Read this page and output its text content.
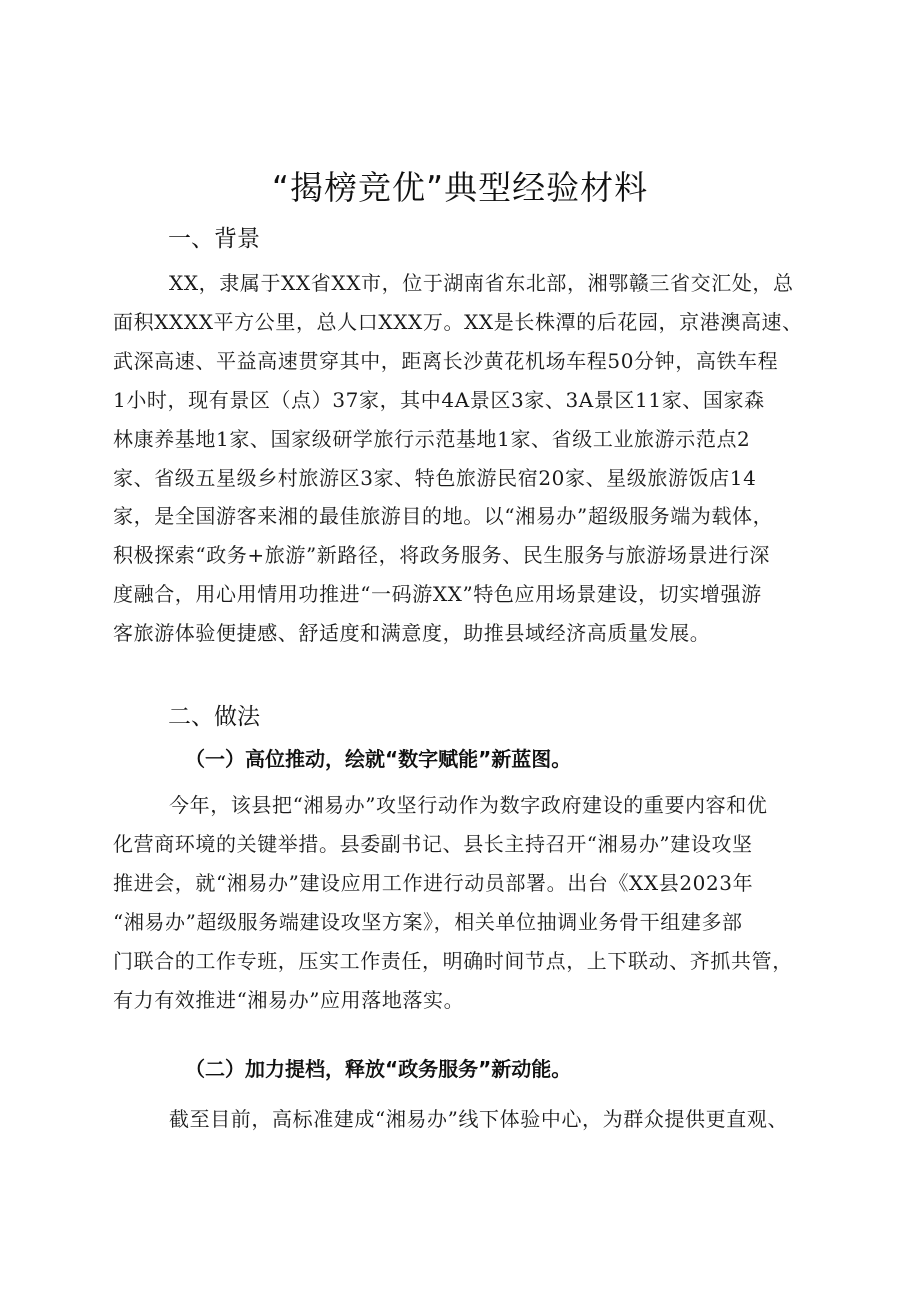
“揭榜竞优”典型经验材料
一、背景
XX，隶属于XX省XX市，位于湖南省东北部，湘鄂赣三省交汇处，总
面积XXXX平方公里，总人口XXX万。XX是长株潭的后花园，京港澳高速、
武深高速、平益高速贯穿其中，距离长沙黄花机场车程50分钟，高铁车程
1小时，现有景区（点）37家，其中4A景区3家、3A景区11家、国家森
林康养基地1家、国家级研学旅行示范基地1家、省级工业旅游示范点2
家、省级五星级乡村旅游区3家、特色旅游民宿20家、星级旅游饭店14
家，是全国游客来湘的最佳旅游目的地。以“湘易办”超级服务端为载体，
积极探索“政务+旅游”新路径，将政务服务、民生服务与旅游场景进行深
度融合，用心用情用功推进“一码游XX”特色应用场景建设，切实增强游
客旅游体验便捷感、舒适度和满意度，助推县域经济高质量发展。
二、做法
（一）高位推动，绘就“数字赋能”新蓝图。
今年，该县把“湘易办”攻坚行动作为数字政府建设的重要内容和优
化营商环境的关键举措。县委副书记、县长主持召开“湘易办”建设攻坚
推进会，就“湘易办”建设应用工作进行动员部署。出台《XX县2023年
“湘易办”超级服务端建设攻坚方案》，相关单位抽调业务骨干组建多部
门联合的工作专班，压实工作责任，明确时间节点，上下联动、齐抓共管，
有力有效推进“湘易办”应用落地落实。
（二）加力提档，释放“政务服务”新动能。
截至目前，高标准建成“湘易办”线下体验中心，为群众提供更直观、
